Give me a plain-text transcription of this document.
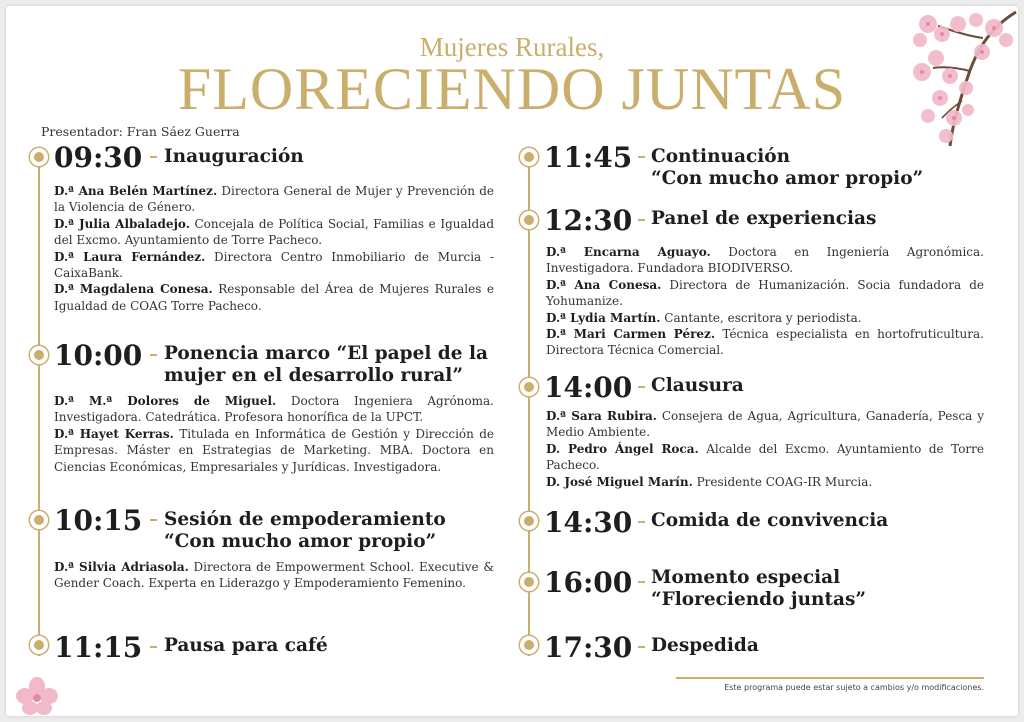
Mujeres Rurales,
FLORECIENDO JUNTAS
Presentador: Fran Sáez Guerra
09:30 Inauguración

D.ª Ana Belén Martínez. Directora General de Mujer y Prevención de la Violencia de Género.

D.ª Julia Albaladejo. Concejala de Política Social, Familias e Igualdad del Excmo. Ayuntamiento de Torre Pacheco.

D.ª Laura Fernández. Directora Centro Inmobiliario de Murcia - CaixaBank.

D.ª Magdalena Conesa. Responsable del Área de Mujeres Rurales e Igualdad de COAG Torre Pacheco.

10:00 Ponencia marco “El papel de la
mujer en el desarrollo rural”

D.ª M.ª Dolores de Miguel. Doctora Ingeniera Agrónoma. Investigadora. Catedrática. Profesora honorífica de la UPCT.

D.ª Hayet Kerras. Titulada en Informática de Gestión y Dirección de Empresas. Máster en Estrategias de Marketing. MBA. Doctora en Ciencias Económicas, Empresariales y Jurídicas. Investigadora.

10:15 Sesión de empoderamiento
“Con mucho amor propio”

D.ª Silvia Adriasola. Directora de Empowerment School. Executive & Gender Coach. Experta en Liderazgo y Empoderamiento Femenino.

11:15 Pausa para café
11:45 Continuación
“Con mucho amor propio”
12:30 Panel de experiencias

D.ª Encarna Aguayo. Doctora en Ingeniería Agronómica. Investigadora. Fundadora BIODIVERSO.

D.ª Ana Conesa. Directora de Humanización. Socia fundadora de Yohumanize.

D.ª Lydia Martín. Cantante, escritora y periodista.

D.ª Mari Carmen Pérez. Técnica especialista en hortofruticultura. Directora Técnica Comercial.

14:00 Clausura

D.ª Sara Rubira. Consejera de Agua, Agricultura, Ganadería, Pesca y Medio Ambiente.

D. Pedro Ángel Roca. Alcalde del Excmo. Ayuntamiento de Torre Pacheco.

D. José Miguel Marín. Presidente COAG-IR Murcia.

14:30 Comida de convivencia
16:00 Momento especial
“Floreciendo juntas”
17:30 Despedida
Este programa puede estar sujeto a cambios y/o modificaciones.
